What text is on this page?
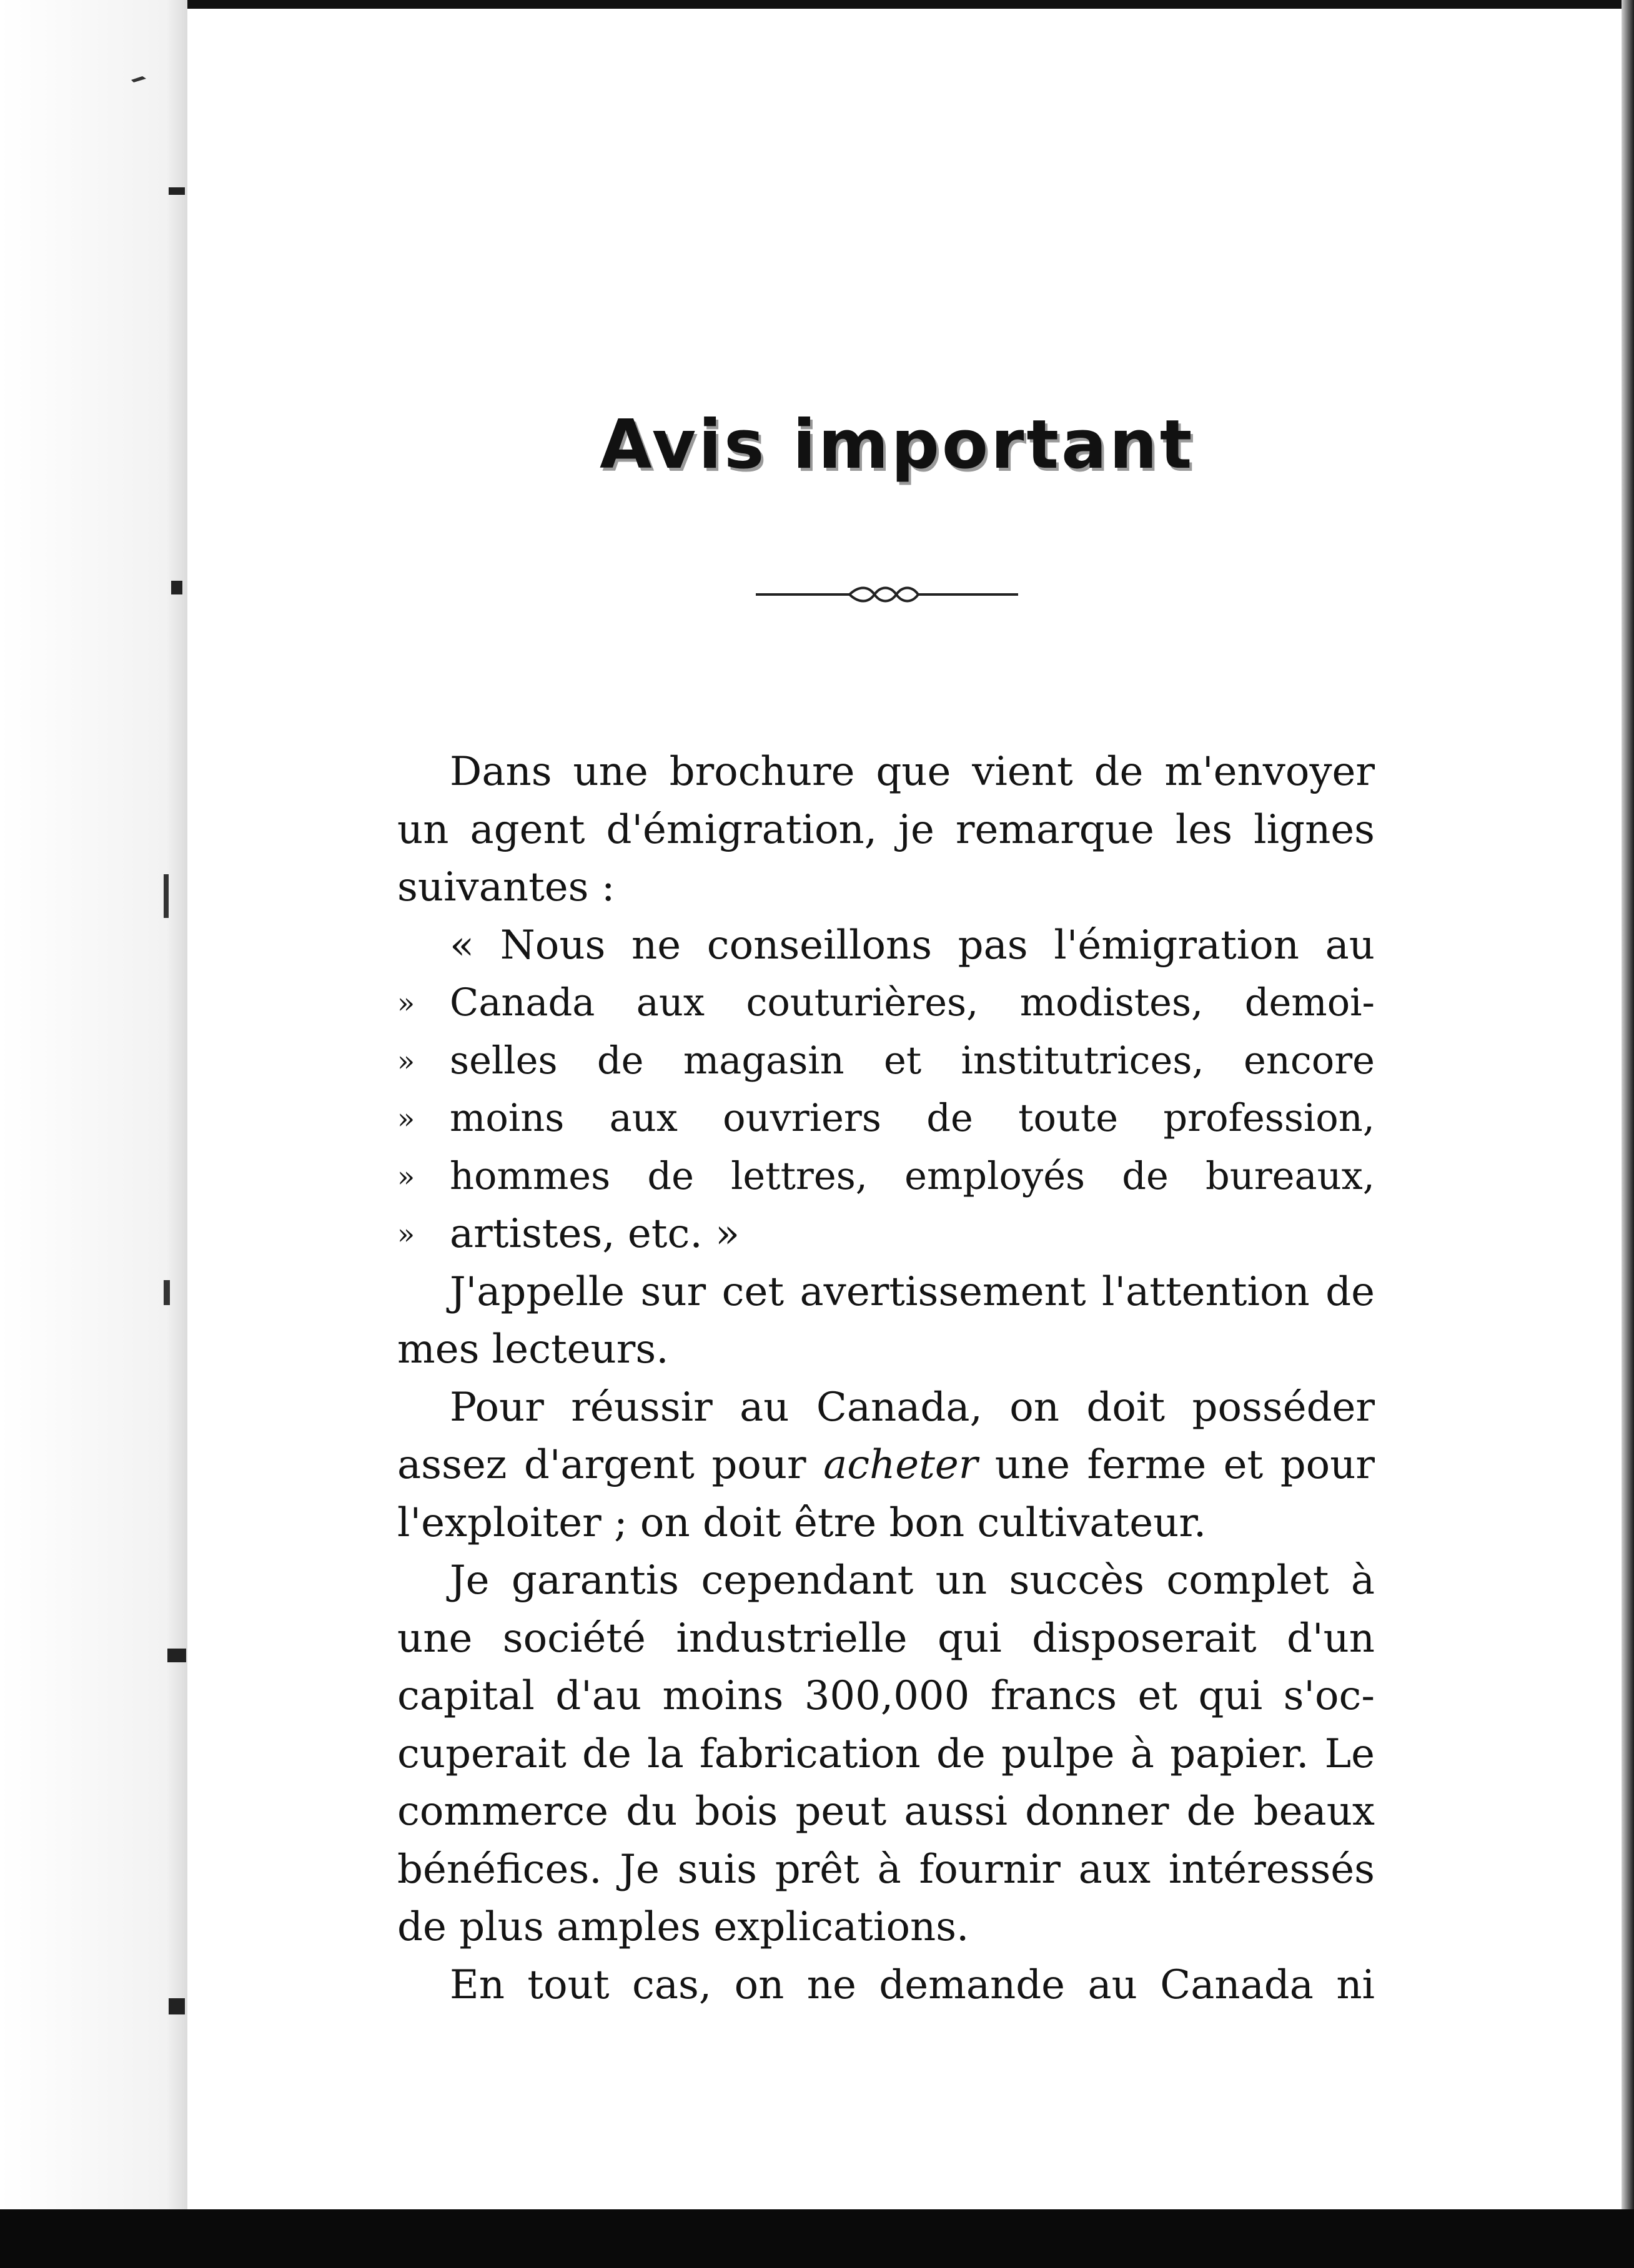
Avis important
Dans une brochure que vient de m'envoyer
un agent d'émigration, je remarque les lignes
suivantes :
« Nous ne conseillons pas l'émigration au
» Canada aux couturières, modistes, demoi-
» selles de magasin et institutrices, encore
» moins aux ouvriers de toute profession,
» hommes de lettres, employés de bureaux,
» artistes, etc. »
J'appelle sur cet avertissement l'attention de
mes lecteurs.
Pour réussir au Canada, on doit posséder
assez d'argent pour acheter une ferme et pour
l'exploiter ; on doit être bon cultivateur.
Je garantis cependant un succès complet à
une société industrielle qui disposerait d'un
capital d'au moins 300,000 francs et qui s'oc-
cuperait de la fabrication de pulpe à papier. Le
commerce du bois peut aussi donner de beaux
bénéfices. Je suis prêt à fournir aux intéressés
de plus amples explications.
En tout cas, on ne demande au Canada ni
